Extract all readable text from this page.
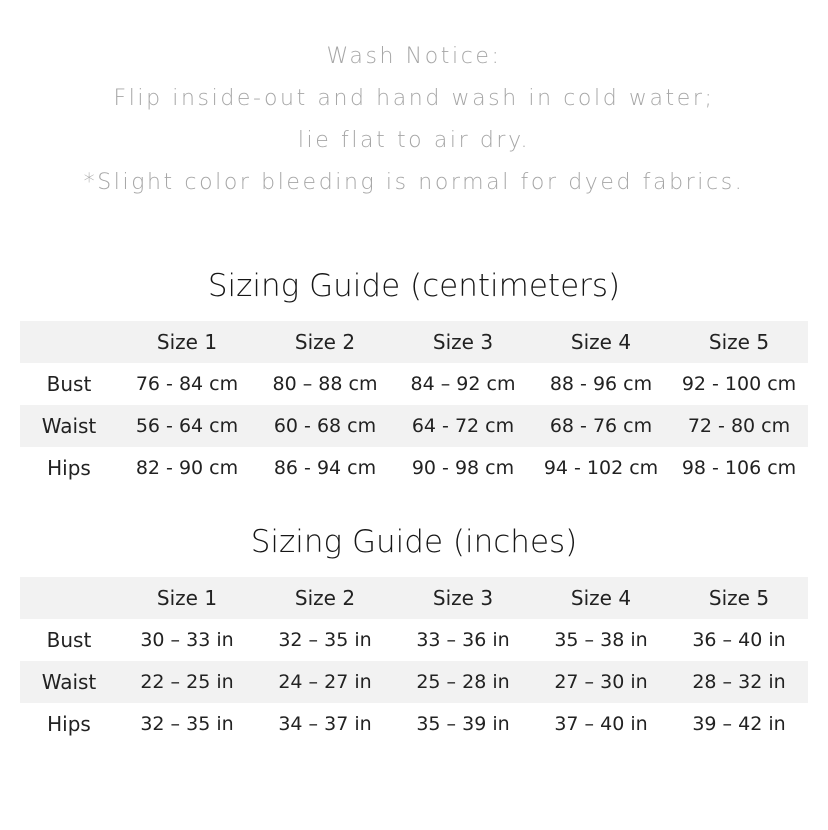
Wash Notice:
Flip inside-out and hand wash in cold water;
lie flat to air dry.
*Slight color bleeding is normal for dyed fabrics.
Sizing Guide (centimeters)
	Size 1	Size 2	Size 3	Size 4	Size 5
Bust	76 - 84 cm	80 – 88 cm	84 – 92 cm	88 - 96 cm	92 - 100 cm
Waist	56 - 64 cm	60 - 68 cm	64 - 72 cm	68 - 76 cm	72 - 80 cm
Hips	82 - 90 cm	86 - 94 cm	90 - 98 cm	94 - 102 cm	98 - 106 cm
Sizing Guide (inches)
	Size 1	Size 2	Size 3	Size 4	Size 5
Bust	30 – 33 in	32 – 35 in	33 – 36 in	35 – 38 in	36 – 40 in
Waist	22 – 25 in	24 – 27 in	25 – 28 in	27 – 30 in	28 – 32 in
Hips	32 – 35 in	34 – 37 in	35 – 39 in	37 – 40 in	39 – 42 in
